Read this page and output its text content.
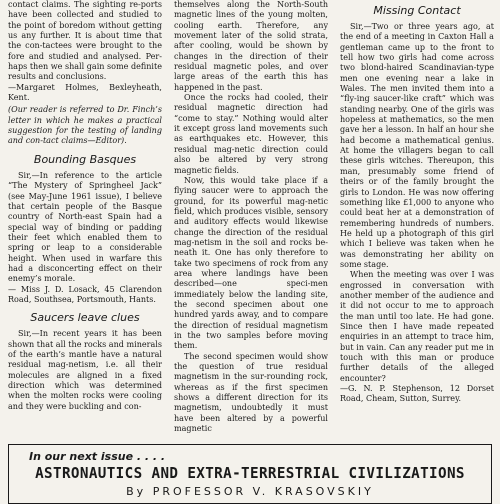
contact claims. The sighting re-ports have been collected and studied to the point of boredom without getting us any further. It is about time that the con-tactees were brought to the fore and studied and analysed. Per-haps then we shall gain some definite results and conclusions.

—Margaret Holmes, Bexleyheath, Kent.

(Our reader is referred to Dr. Finch’s letter in which he makes a practical suggestion for the testing of landing and con-tact claims—Editor).

Bounding Basques

Sir,—In reference to the article “The Mystery of Springheel Jack” (see May-June 1961 issue), I believe that certain people of the Basque country of North-east Spain had a special way of binding or padding their feet which enabled them to spring or leap to a considerable height. When used in warfare this had a disconcerting effect on their enemy’s morale.

— Miss J. D. Losack, 45 Clarendon Road, Southsea, Portsmouth, Hants.

Saucers leave clues

Sir,—In recent years it has been shown that all the rocks and minerals of the earth’s mantle have a natural residual mag-netism, i.e. all their molecules are aligned in a fixed direction which was determined when the molten rocks were cooling and they were buckling and con-

themselves along the North-South magnetic lines of the young molten, cooling earth. Therefore, any movement later of the solid strata, after cooling, would be shown by changes in the direction of their residual magnetic poles, and over large areas of the earth this has happened in the past.

Once the rocks had cooled, their residual magnetic direction had “come to stay.” Nothing would alter it except gross land movements such as earthquakes etc. However, this residual mag-netic direction could also be altered by very strong magnetic fields.

Now, this would take place if a flying saucer were to approach the ground, for its powerful mag-netic field, which produces visible, sensory and auditory effects would likewise change the direction of the residual mag-netism in the soil and rocks be-neath it. One has only therefore to take two specimens of rock from any area where landings have been described—one speci-men immediately below the landing site, the second specimen about one hundred yards away, and to compare the direction of residual magnetism in the two samples before moving them.

The second specimen would show the question of true residual magnetism in the sur-rounding rock, whereas as if the first specimen shows a different direction for its magnetism, undoubtedly it must have been altered by a powerful magnetic

Missing Contact

Sir,—Two or three years ago, at the end of a meeting in Caxton Hall a gentleman came up to the front to tell how two girls had come across two blond-haired Scandinavian-type men one evening near a lake in Wales. The men invited them into a “fly-ing saucer-like craft” which was standing nearby. One of the girls was hopeless at mathematics, so the men gave her a lesson. In half an hour she had become a mathematical genius. At home the villagers began to call these girls witches. Thereupon, this man, presumably some friend of theirs or of the family brought the girls to London. He was now offering something like £1,000 to anyone who could beat her at a demonstration of remembering hundreds of numbers. He held up a photograph of this girl which I believe was taken when he was demonstrating her ability on some stage.

When the meeting was over I was engrossed in conversation with another member of the audience and it did not occur to me to approach the man until too late. He had gone. Since then I have made repeated enquiries in an attempt to trace him, but in vain. Can any reader put me in touch with this man or produce further details of the alleged encounter?

—G. N. P. Stephenson, 12 Dorset Road, Cheam, Sutton, Surrey.

In our next issue . . . .
ASTRONAUTICS AND EXTRA-TERRESTRIAL CIVILIZATIONS
By PROFESSOR V. KRASOVSKIY
